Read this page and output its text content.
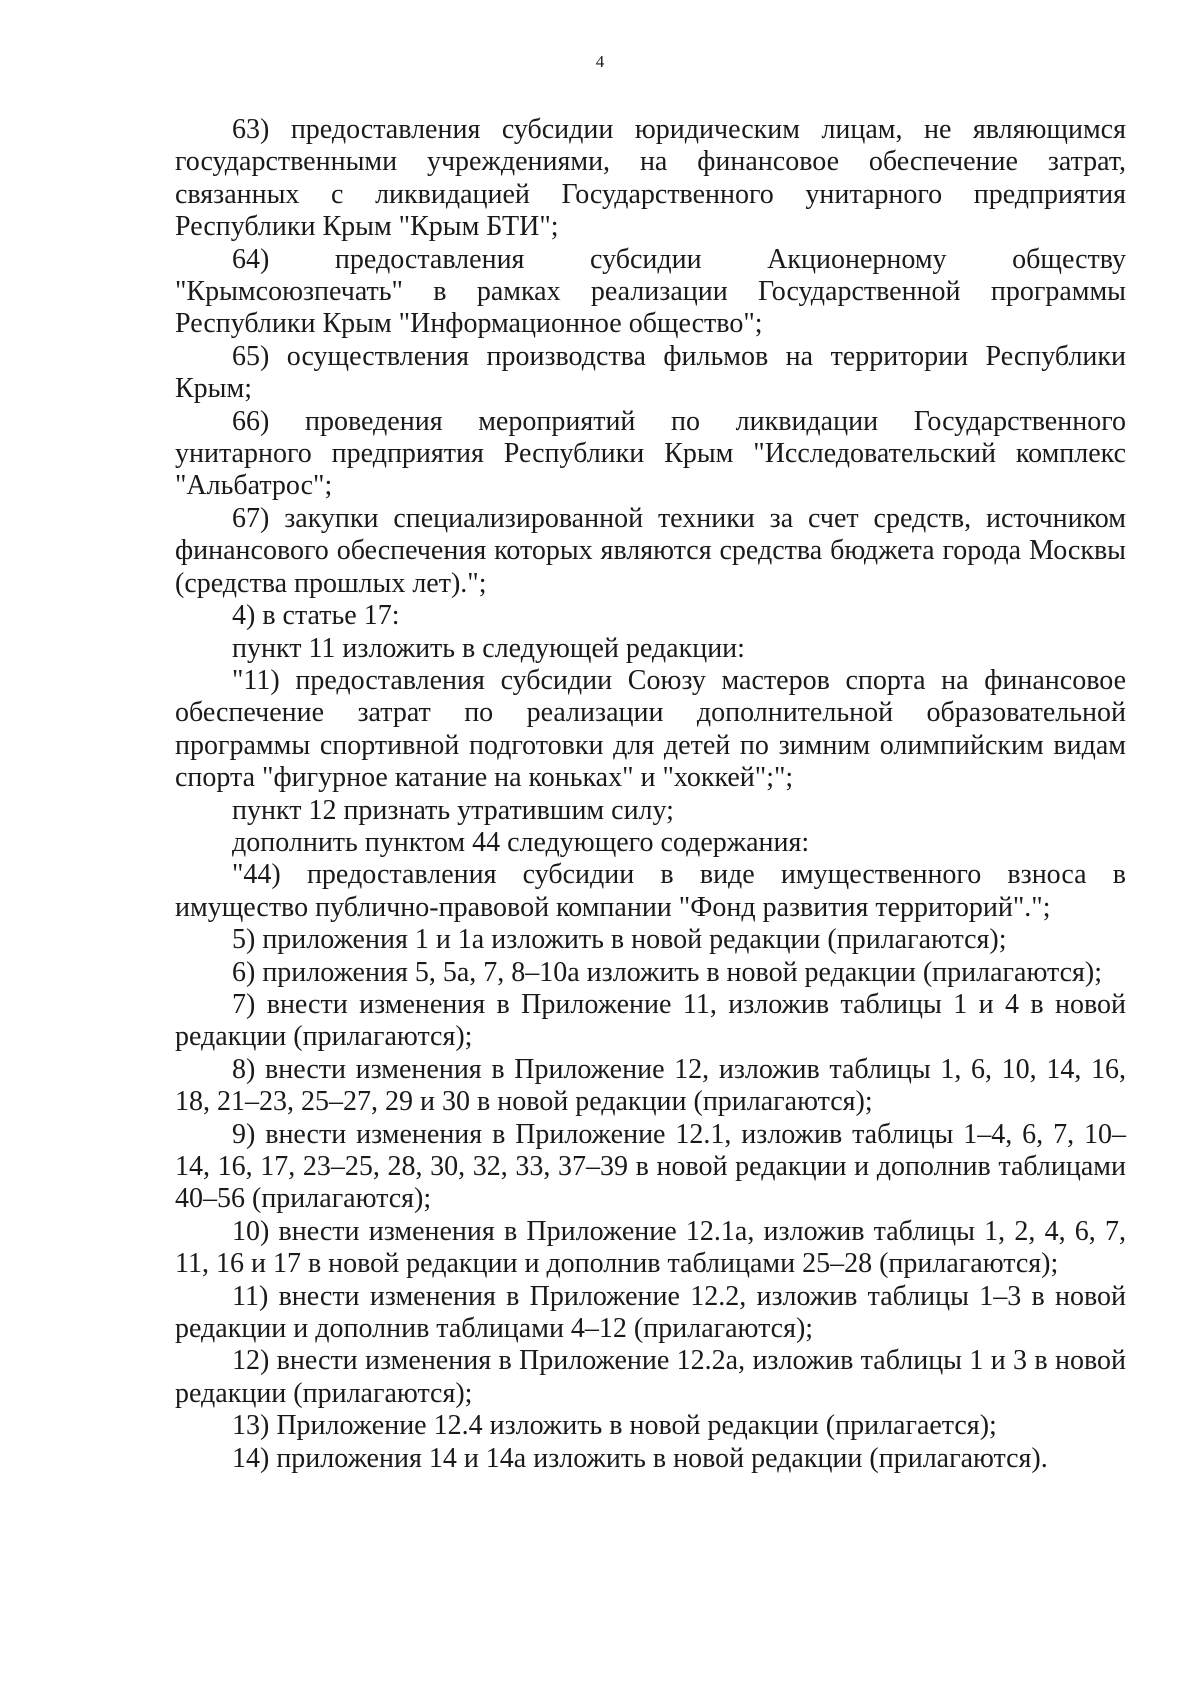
4

63) предоставления субсидии юридическим лицам, не являющимся государственными учреждениями, на финансовое обеспечение затрат, связанных с ликвидацией Государственного унитарного предприятия Республики Крым "Крым БТИ";

64) предоставления субсидии Акционерному обществу "Крымсоюзпечать" в рамках реализации Государственной программы Республики Крым "Информационное общество";

65) осуществления производства фильмов на территории Республики Крым;

66) проведения мероприятий по ликвидации Государственного унитарного предприятия Республики Крым "Исследовательский комплекс "Альбатрос";

67) закупки специализированной техники за счет средств, источником финансового обеспечения которых являются средства бюджета города Москвы (средства прошлых лет).";

4) в статье 17:

пункт 11 изложить в следующей редакции:

"11) предоставления субсидии Союзу мастеров спорта на финансовое обеспечение затрат по реализации дополнительной образовательной программы спортивной подготовки для детей по зимним олимпийским видам спорта "фигурное катание на коньках" и "хоккей";";

пункт 12 признать утратившим силу;

дополнить пунктом 44 следующего содержания:

"44) предоставления субсидии в виде имущественного взноса в имущество публично-правовой компании "Фонд развития территорий".";

5) приложения 1 и 1а изложить в новой редакции (прилагаются);

6) приложения 5, 5а, 7, 8–10а изложить в новой редакции (прилагаются);

7) внести изменения в Приложение 11, изложив таблицы 1 и 4 в новой редакции (прилагаются);

8) внести изменения в Приложение 12, изложив таблицы 1, 6, 10, 14, 16, 18, 21–23, 25–27, 29 и 30 в новой редакции (прилагаются);

9) внести изменения в Приложение 12.1, изложив таблицы 1–4, 6, 7, 10–14, 16, 17, 23–25, 28, 30, 32, 33, 37–39 в новой редакции и дополнив таблицами 40–56 (прилагаются);

10) внести изменения в Приложение 12.1а, изложив таблицы 1, 2, 4, 6, 7, 11, 16 и 17 в новой редакции и дополнив таблицами 25–28 (прилагаются);

11) внести изменения в Приложение 12.2, изложив таблицы 1–3 в новой редакции и дополнив таблицами 4–12 (прилагаются);

12) внести изменения в Приложение 12.2а, изложив таблицы 1 и 3 в новой редакции (прилагаются);

13) Приложение 12.4 изложить в новой редакции (прилагается);

14) приложения 14 и 14а изложить в новой редакции (прилагаются).
